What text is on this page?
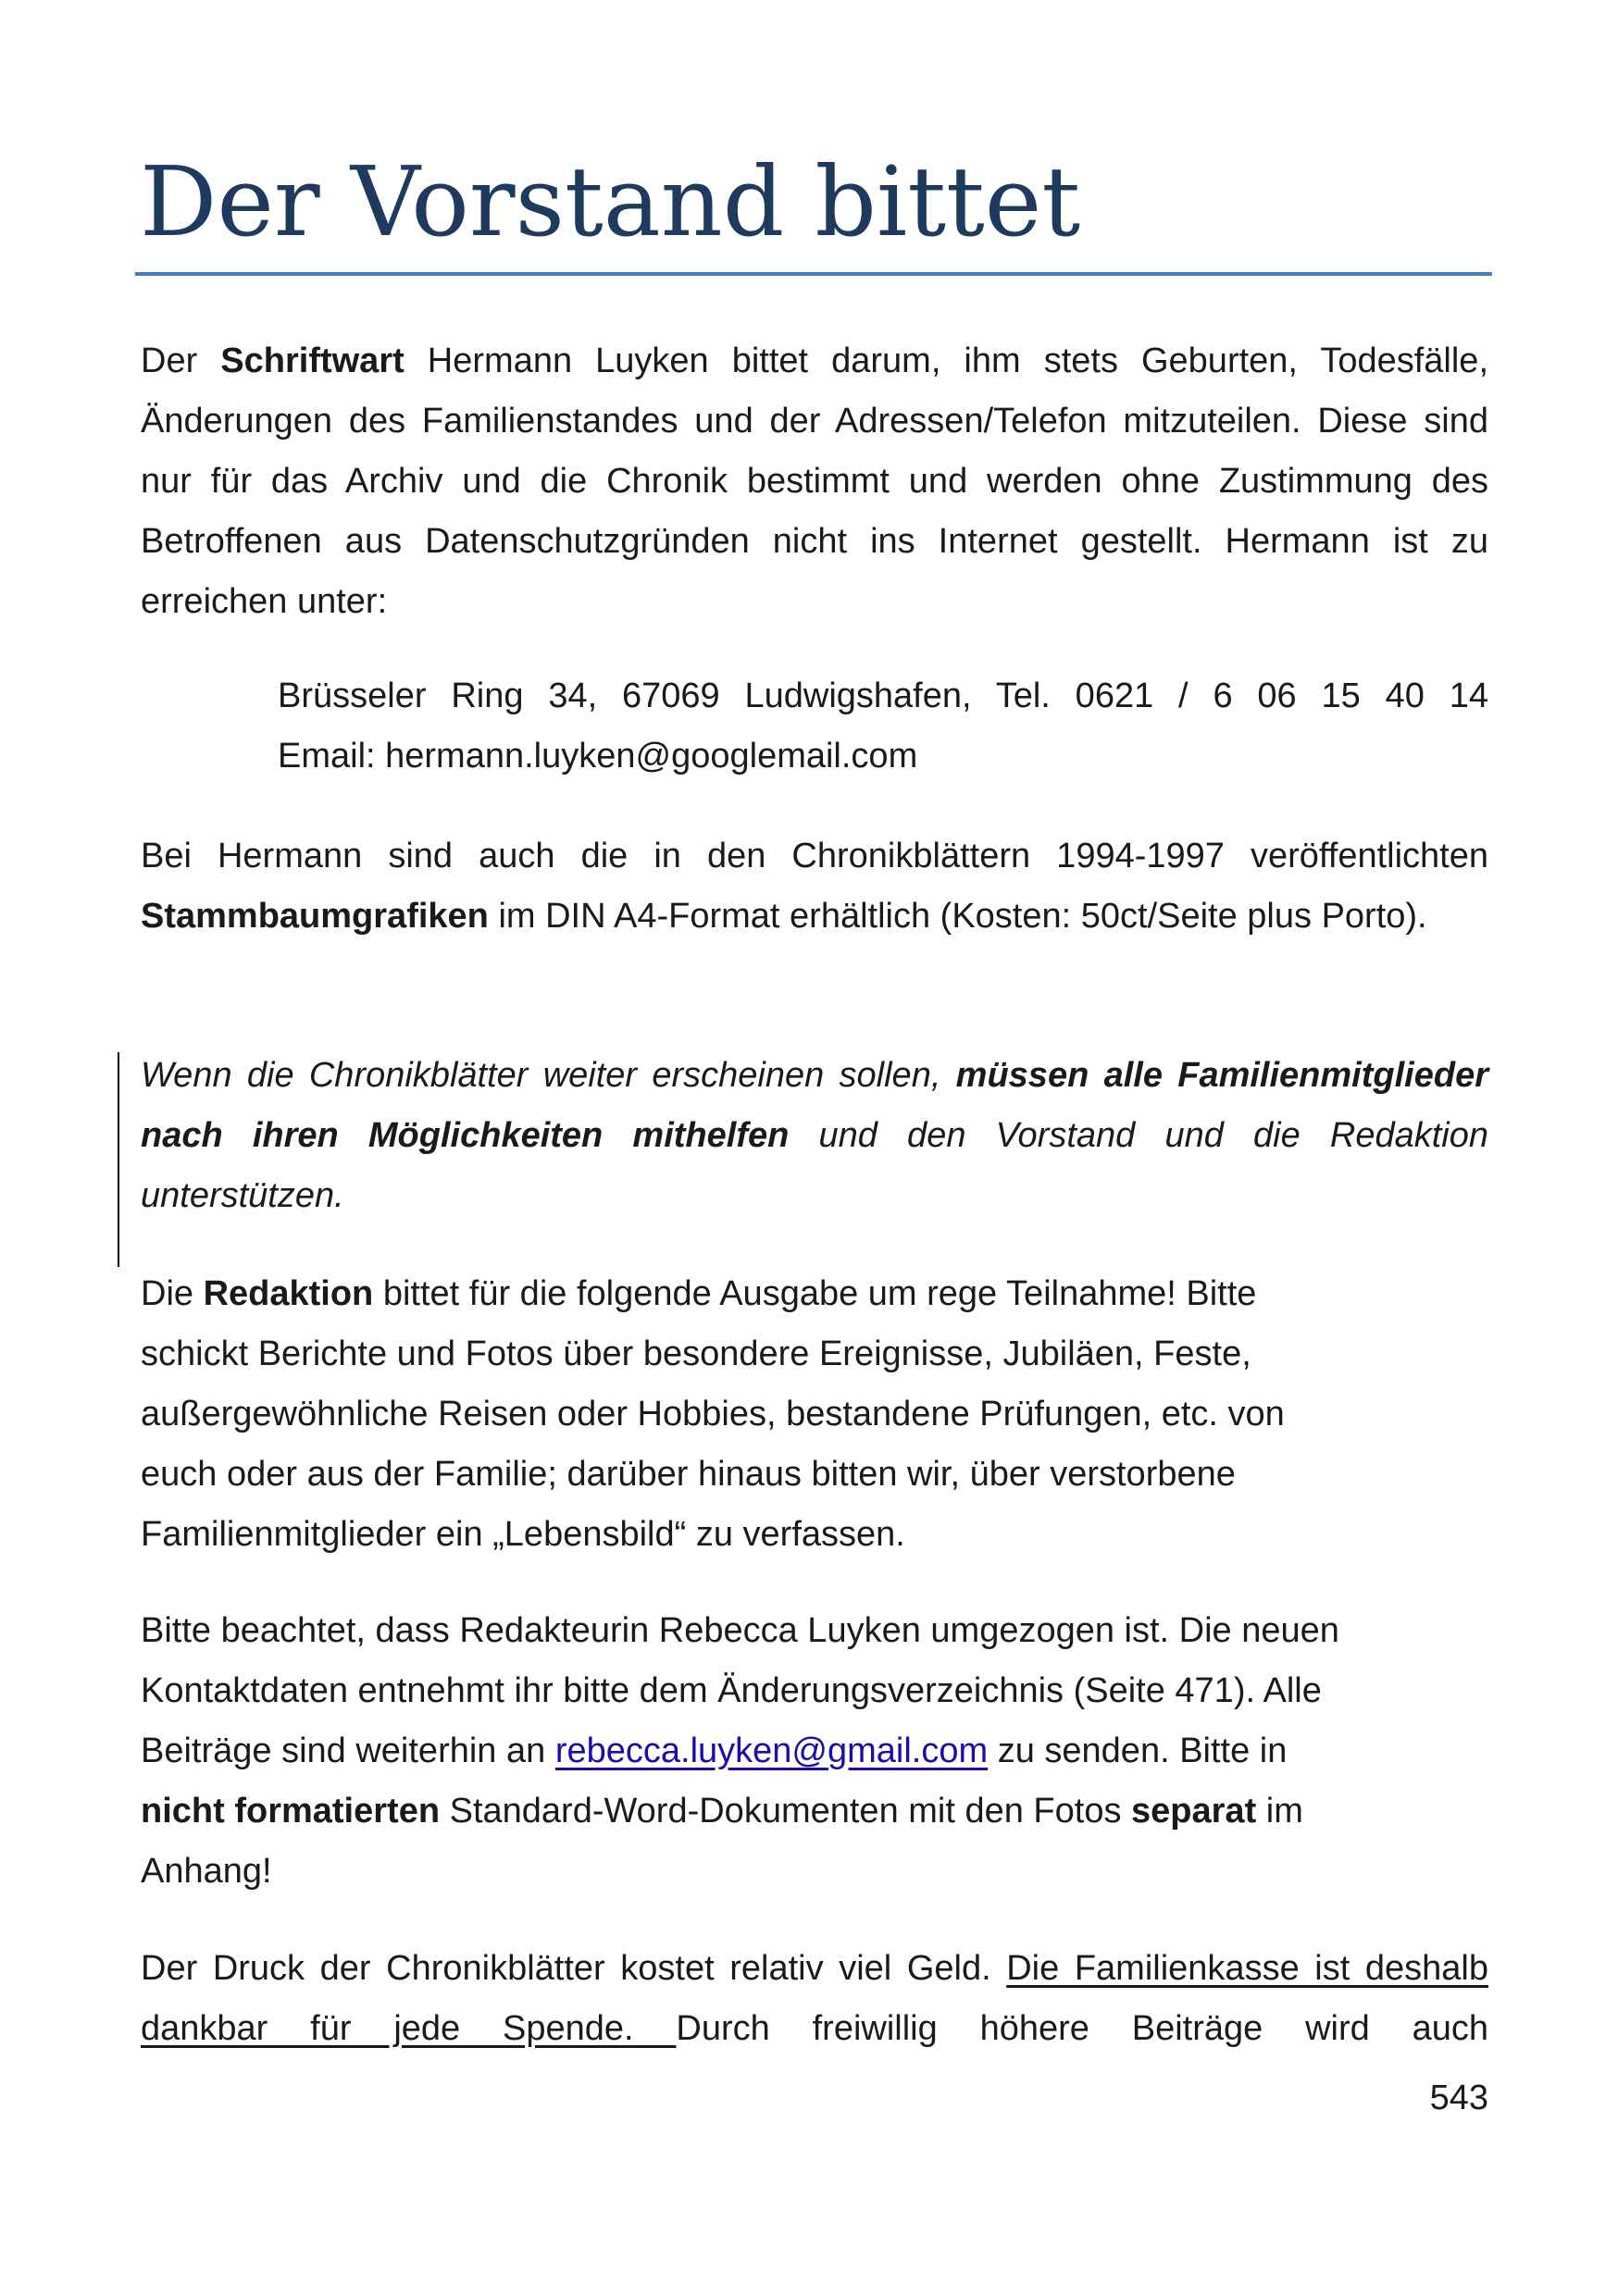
Der Vorstand bittet

Der Schriftwart Hermann Luyken bittet darum, ihm stets Geburten, Todesfälle, Änderungen des Familienstandes und der Adressen/Telefon mitzuteilen. Diese sind nur für das Archiv und die Chronik bestimmt und werden ohne Zustimmung des Betroffenen aus Datenschutzgründen nicht ins Internet gestellt. Hermann ist zu erreichen unter:

Brüsseler Ring 34, 67069 Ludwigshafen, Tel. 0621 / 6 06 15 40 14

Email: hermann.luyken@googlemail.com

Bei Hermann sind auch die in den Chronikblättern 1994-1997 veröffentlichten Stammbaumgrafiken im DIN A4-Format erhältlich (Kosten: 50ct/Seite plus Porto).

Wenn die Chronikblätter weiter erscheinen sollen, müssen alle Familienmitglieder nach ihren Möglichkeiten mithelfen und den Vorstand und die Redaktion unterstützen.

Die Redaktion bittet für die folgende Ausgabe um rege Teilnahme! Bitte
schickt Berichte und Fotos über besondere Ereignisse, Jubiläen, Feste,
außergewöhnliche Reisen oder Hobbies, bestandene Prüfungen, etc. von
euch oder aus der Familie; darüber hinaus bitten wir, über verstorbene
Familienmitglieder ein „Lebensbild“ zu verfassen.
Bitte beachtet, dass Redakteurin Rebecca Luyken umgezogen ist. Die neuen
Kontaktdaten entnehmt ihr bitte dem Änderungsverzeichnis (Seite 471). Alle
Beiträge sind weiterhin an rebecca.luyken@gmail.com zu senden. Bitte in
nicht formatierten Standard-Word-Dokumenten mit den Fotos separat im
Anhang!

Der Druck der Chronikblätter kostet relativ viel Geld. Die Familienkasse ist deshalb dankbar für jede Spende. Durch freiwillig höhere Beiträge wird auch

543
